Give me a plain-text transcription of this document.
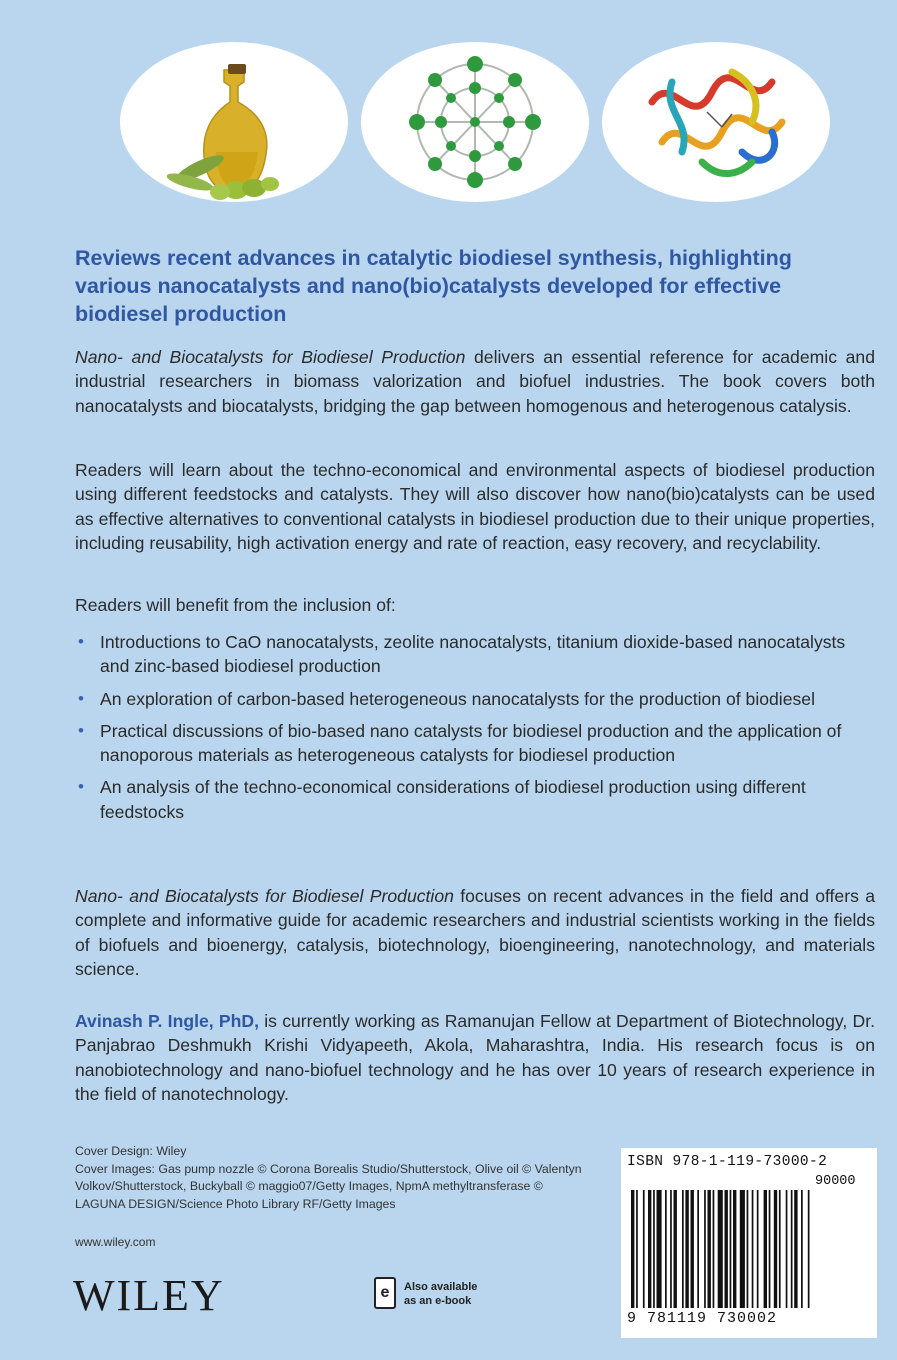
Reviews recent advances in catalytic biodiesel synthesis, highlighting various nanocatalysts and nano(bio)catalysts developed for effective biodiesel production

Nano- and Biocatalysts for Biodiesel Production delivers an essential reference for academic and industrial researchers in biomass valorization and biofuel industries. The book covers both nanocatalysts and biocatalysts, bridging the gap between homogenous and heterogenous catalysis.

Readers will learn about the techno-economical and environmental aspects of biodiesel production using different feedstocks and catalysts. They will also discover how nano(bio)catalysts can be used as effective alternatives to conventional catalysts in biodiesel production due to their unique properties, including reusability, high activation energy and rate of reaction, easy recovery, and recyclability.

Readers will benefit from the inclusion of:

• Introductions to CaO nanocatalysts, zeolite nanocatalysts, titanium dioxide-based nanocatalysts and zinc-based biodiesel production
• An exploration of carbon-based heterogeneous nanocatalysts for the production of biodiesel
• Practical discussions of bio-based nano catalysts for biodiesel production and the application of nanoporous materials as heterogeneous catalysts for biodiesel production
• An analysis of the techno-economical considerations of biodiesel production using different feedstocks

Nano- and Biocatalysts for Biodiesel Production focuses on recent advances in the field and offers a complete and informative guide for academic researchers and industrial scientists working in the fields of biofuels and bioenergy, catalysis, biotechnology, bioengineering, nanotechnology, and materials science.

Avinash P. Ingle, PhD, is currently working as Ramanujan Fellow at Department of Biotechnology, Dr. Panjabrao Deshmukh Krishi Vidyapeeth, Akola, Maharashtra, India. His research focus is on nanobiotechnology and nano-biofuel technology and he has over 10 years of research experience in the field of nanotechnology.

Cover Design: Wiley
Cover Images: Gas pump nozzle © Corona Borealis Studio/Shutterstock, Olive oil © Valentyn Volkov/Shutterstock, Buckyball © maggio07/Getty Images, NpmA methyltransferase © LAGUNA DESIGN/Science Photo Library RF/Getty Images
www.wiley.com
WILEY	e	Also available
as an e-book
ISBN 978-1-119-73000-2
90000
9 781119 730002
